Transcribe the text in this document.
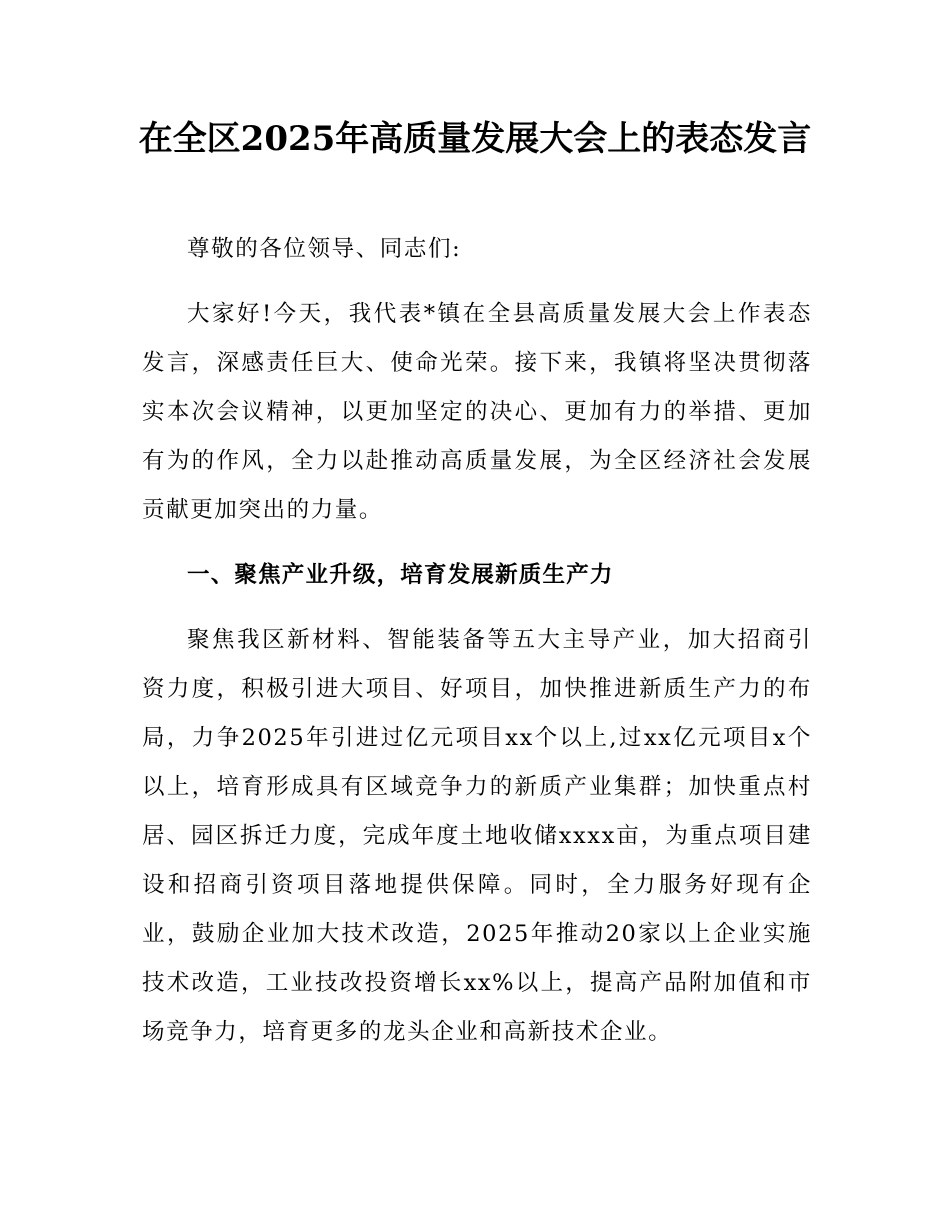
在全区2025年高质量发展大会上的表态发言

尊敬的各位领导、同志们:

大家好!今天，我代表*镇在全县高质量发展大会上作表态发言，深感责任巨大、使命光荣。接下来，我镇将坚决贯彻落实本次会议精神，以更加坚定的决心、更加有力的举措、更加有为的作风，全力以赴推动高质量发展，为全区经济社会发展贡献更加突出的力量。

一、聚焦产业升级，培育发展新质生产力

聚焦我区新材料、智能装备等五大主导产业，加大招商引资力度，积极引进大项目、好项目，加快推进新质生产力的布局，力争2025年引进过亿元项目xx个以上,过xx亿元项目x个以上，培育形成具有区域竞争力的新质产业集群；加快重点村居、园区拆迁力度，完成年度土地收储xxxx亩，为重点项目建设和招商引资项目落地提供保障。同时，全力服务好现有企业，鼓励企业加大技术改造，2025年推动20家以上企业实施技术改造，工业技改投资增长xx%以上，提高产品附加值和市场竞争力，培育更多的龙头企业和高新技术企业。
